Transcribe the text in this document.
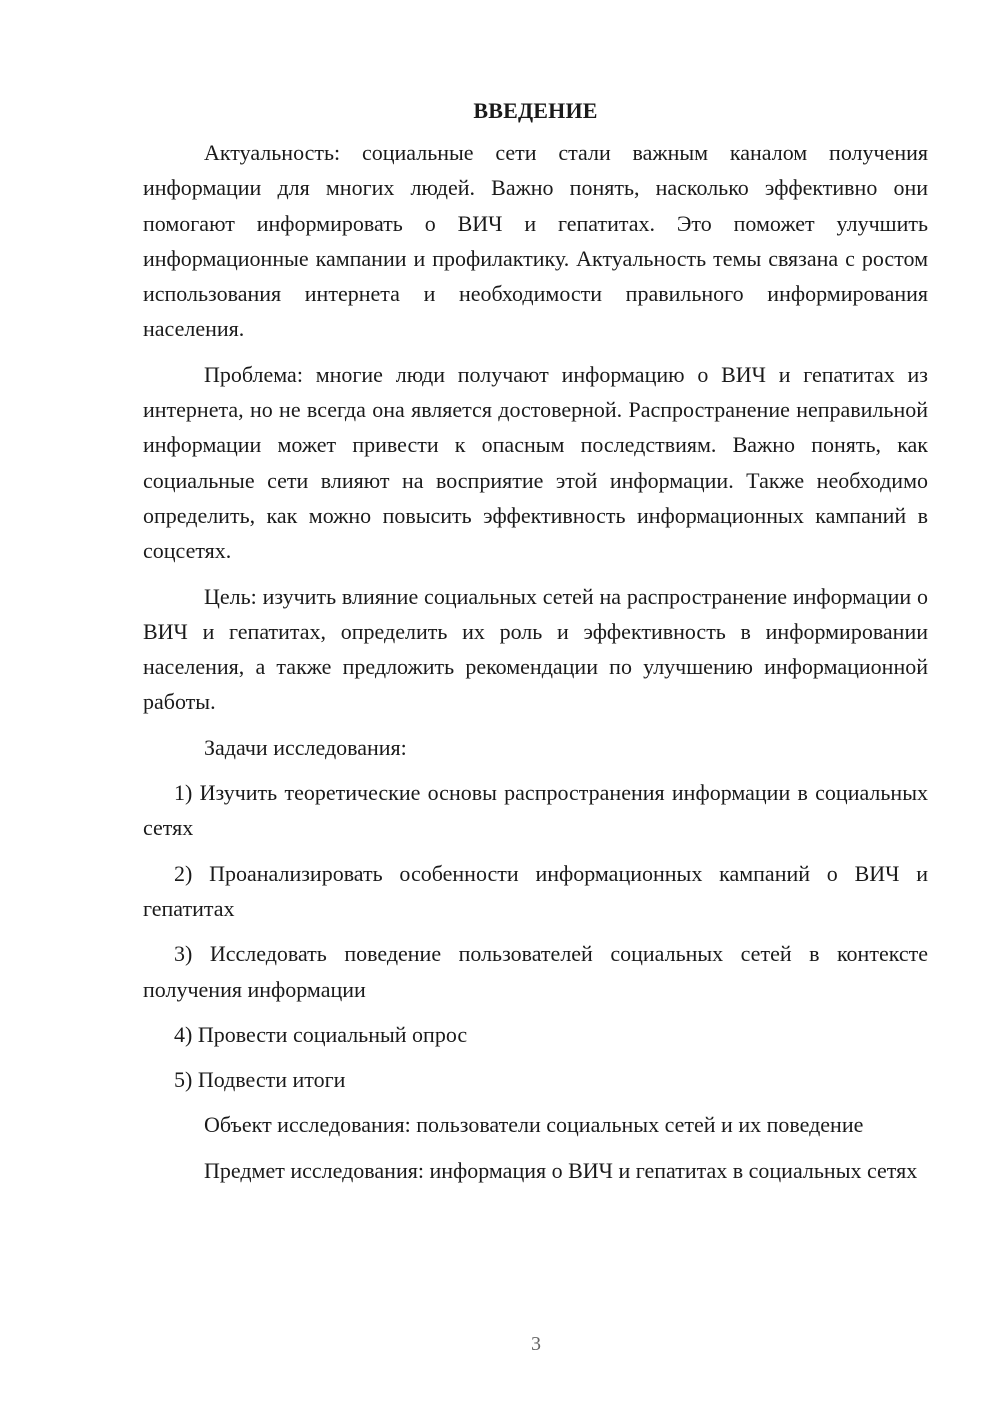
ВВЕДЕНИЕ

Актуальность: социальные сети стали важным каналом получения информации для многих людей. Важно понять, насколько эффективно они помогают информировать о ВИЧ и гепатитах. Это поможет улучшить информационные кампании и профилактику. Актуальность темы связана с ростом использования интернета и необходимости правильного информирования населения.

Проблема: многие люди получают информацию о ВИЧ и гепатитах из интернета, но не всегда она является достоверной. Распространение неправильной информации может привести к опасным последствиям. Важно понять, как социальные сети влияют на восприятие этой информации. Также необходимо определить, как можно повысить эффективность информационных кампаний в соцсетях.

Цель: изучить влияние социальных сетей на распространение информации о ВИЧ и гепатитах, определить их роль и эффективность в информировании населения, а также предложить рекомендации по улучшению информационной работы.

Задачи исследования:

1) Изучить теоретические основы распространения информации в социальных сетях

2) Проанализировать особенности информационных кампаний о ВИЧ и гепатитах

3) Исследовать поведение пользователей социальных сетей в контексте получения информации

4) Провести социальный опрос

5) Подвести итоги

Объект исследования: пользователи социальных сетей и их поведение

Предмет исследования: информация о ВИЧ и гепатитах в социальных сетях

3
